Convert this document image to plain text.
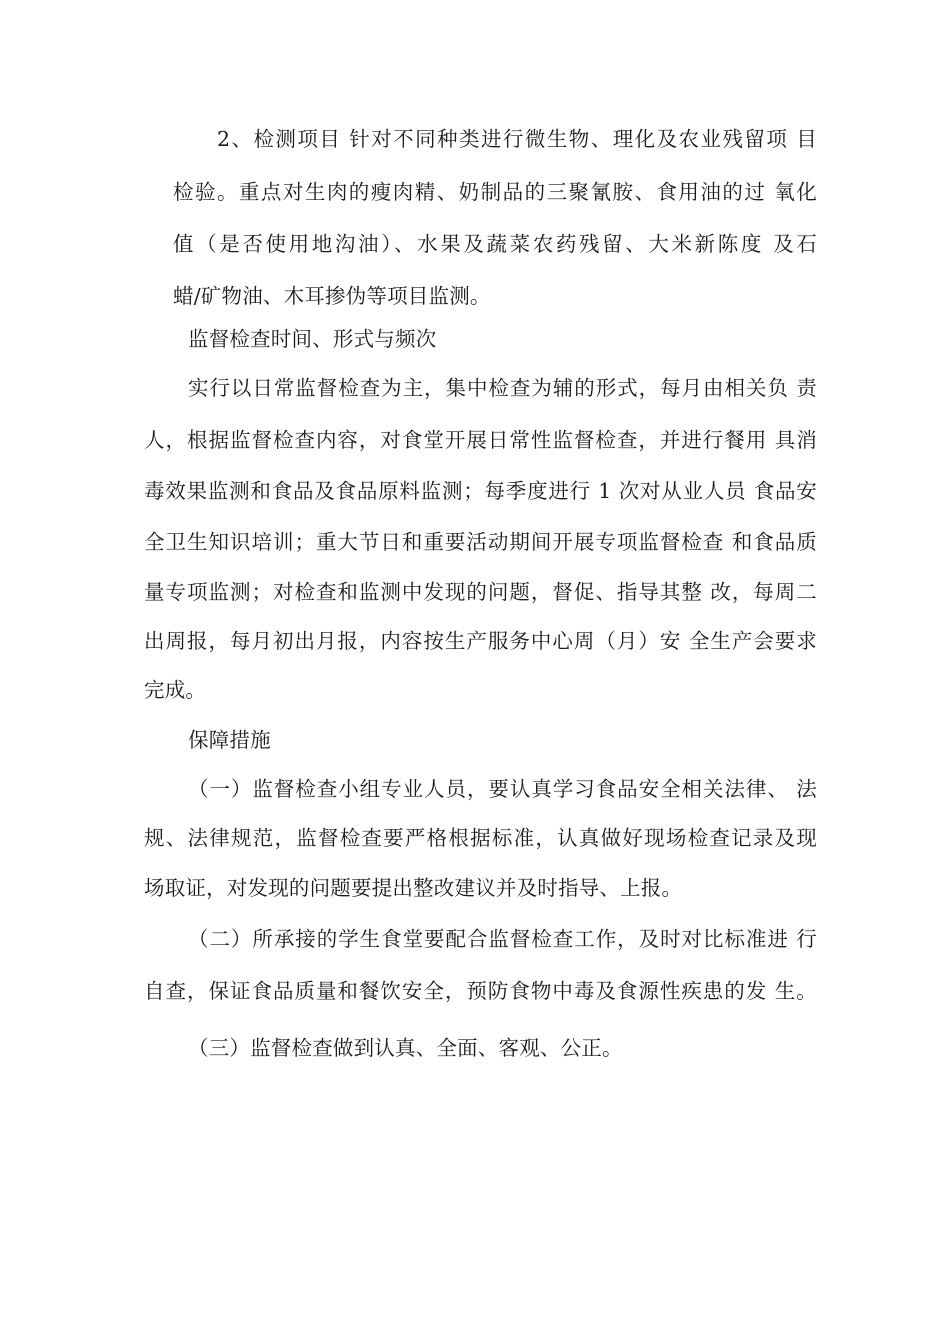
2、检测项目 针对不同种类进行微生物、理化及农业残留项 目
检验。重点对生肉的瘦肉精、奶制品的三聚氰胺、食用油的过 氧化
值（是否使用地沟油）、水果及蔬菜农药残留、大米新陈度 及石
蜡/矿物油、木耳掺伪等项目监测。
监督检查时间、形式与频次
实行以日常监督检查为主，集中检查为辅的形式，每月由相关负 责
人，根据监督检查内容，对食堂开展日常性监督检查，并进行餐用 具消
毒效果监测和食品及食品原料监测；每季度进行 1 次对从业人员 食品安
全卫生知识培训；重大节日和重要活动期间开展专项监督检查 和食品质
量专项监测；对检查和监测中发现的问题，督促、指导其整 改，每周二
出周报，每月初出月报，内容按生产服务中心周（月）安 全生产会要求
完成。
保障措施
（一）监督检查小组专业人员，要认真学习食品安全相关法律、 法
规、法律规范，监督检查要严格根据标准，认真做好现场检查记录及现
场取证，对发现的问题要提出整改建议并及时指导、上报。
（二）所承接的学生食堂要配合监督检查工作，及时对比标准进 行
自查，保证食品质量和餐饮安全，预防食物中毒及食源性疾患的发 生。
（三）监督检查做到认真、全面、客观、公正。
